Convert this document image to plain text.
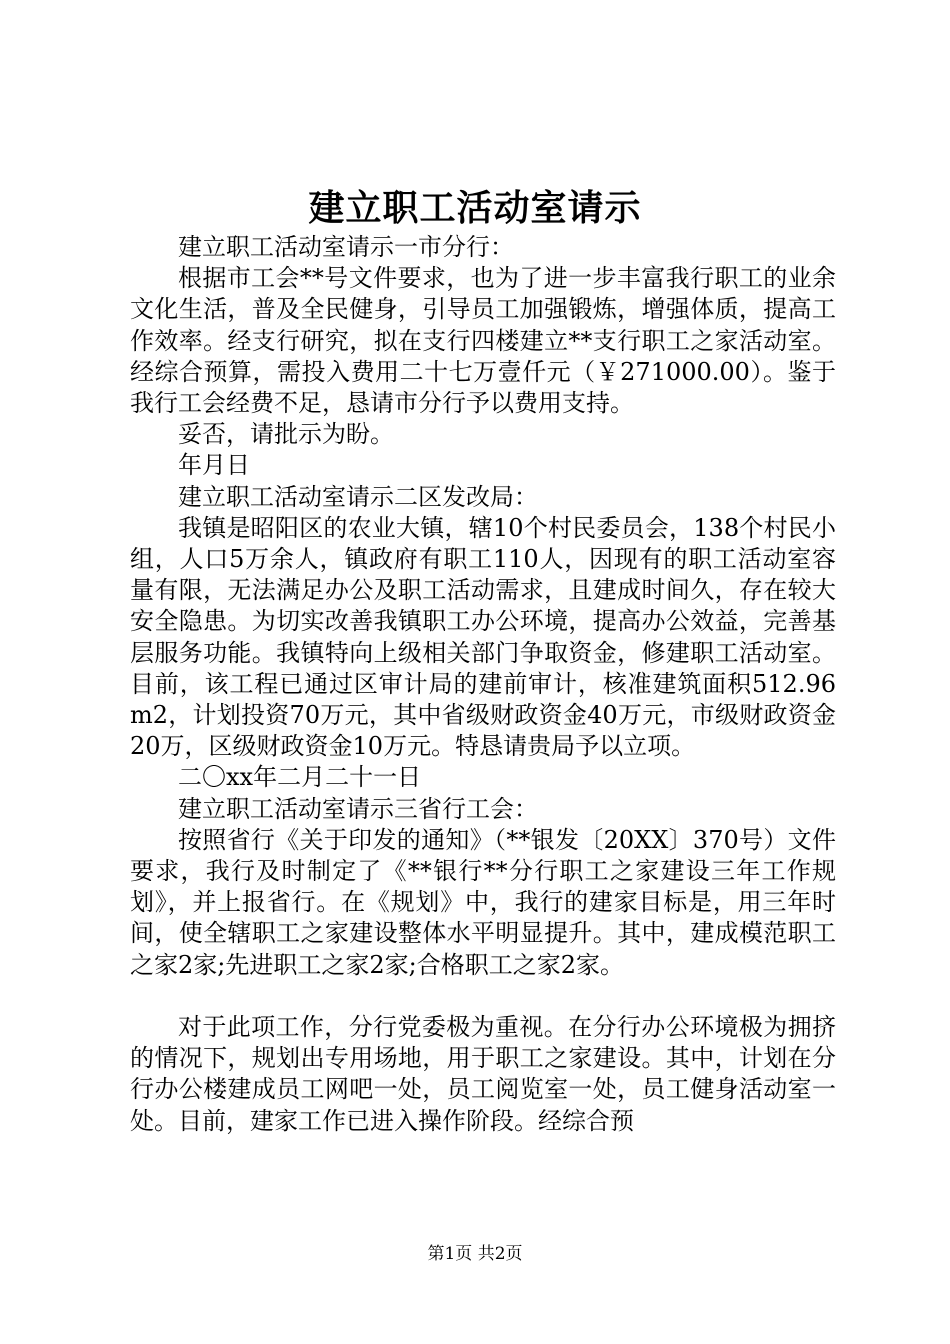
建立职工活动室请示

建立职工活动室请示一市分行：

根据市工会**号文件要求，也为了进一步丰富我行职工的业余文化生活，普及全民健身，引导员工加强锻炼，增强体质，提高工作效率。经支行研究，拟在支行四楼建立**支行职工之家活动室。经综合预算，需投入费用二十七万壹仟元（￥271000.00）。鉴于我行工会经费不足，恳请市分行予以费用支持。

妥否，请批示为盼。

年月日

建立职工活动室请示二区发改局：

我镇是昭阳区的农业大镇，辖10个村民委员会，138个村民小组，人口5万余人，镇政府有职工110人，因现有的职工活动室容量有限，无法满足办公及职工活动需求，且建成时间久，存在较大安全隐患。为切实改善我镇职工办公环境，提高办公效益，完善基层服务功能。我镇特向上级相关部门争取资金，修建职工活动室。目前，该工程已通过区审计局的建前审计，核准建筑面积512.96m2，计划投资70万元，其中省级财政资金40万元，市级财政资金20万，区级财政资金10万元。特恳请贵局予以立项。

二〇xx年二月二十一日

建立职工活动室请示三省行工会：

按照省行《关于印发的通知》（**银发〔20XX〕370号）文件要求，我行及时制定了《**银行**分行职工之家建设三年工作规划》，并上报省行。在《规划》中，我行的建家目标是，用三年时间，使全辖职工之家建设整体水平明显提升。其中，建成模范职工之家2家;先进职工之家2家;合格职工之家2家。

对于此项工作，分行党委极为重视。在分行办公环境极为拥挤的情况下，规划出专用场地，用于职工之家建设。其中，计划在分行办公楼建成员工网吧一处，员工阅览室一处，员工健身活动室一处。目前，建家工作已进入操作阶段。经综合预

第1页 共2页
